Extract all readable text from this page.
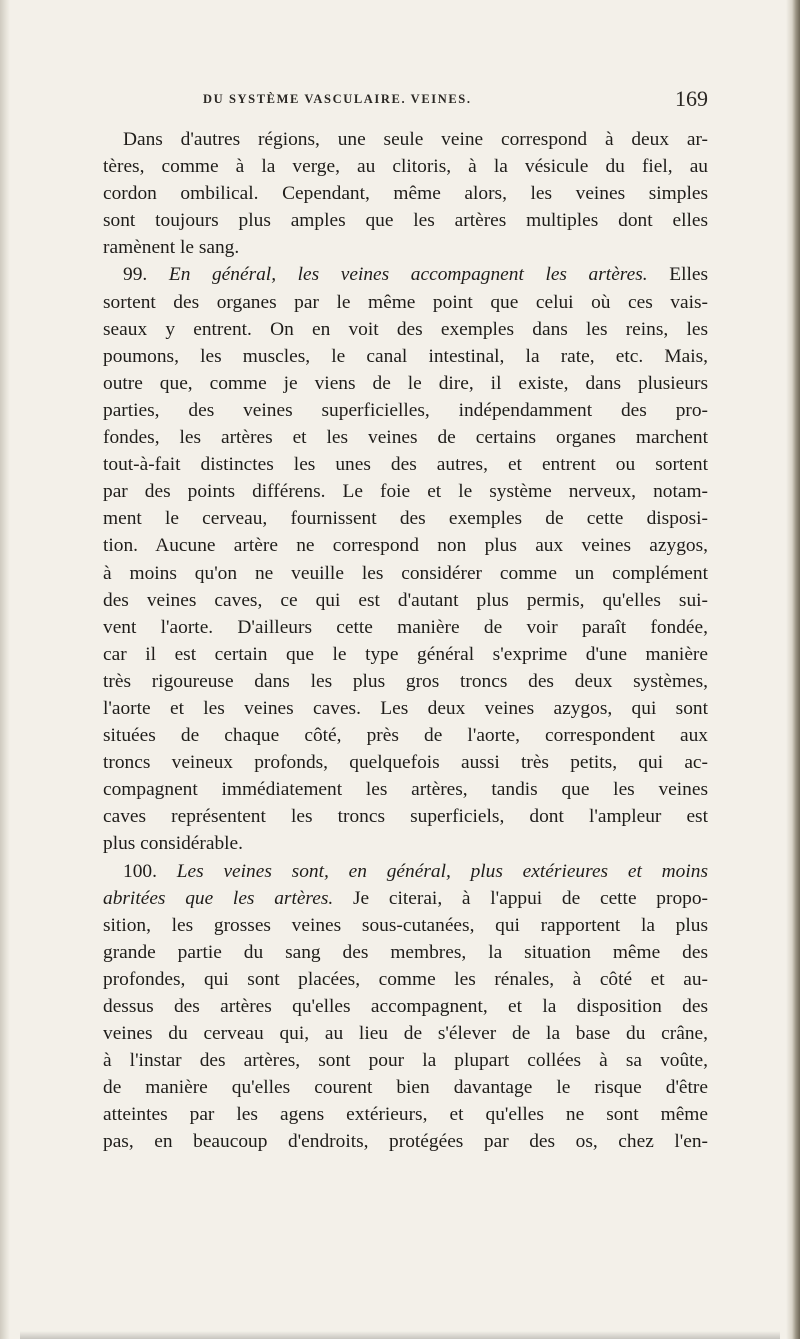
DU SYSTÈME VASCULAIRE. VEINES.	169

Dans d'autres régions, une seule veine correspond à deux ar-

tères, comme à la verge, au clitoris, à la vésicule du fiel, au

cordon ombilical. Cependant, même alors, les veines simples

sont toujours plus amples que les artères multiples dont elles

ramènent le sang.

99. En général, les veines accompagnent les artères. Elles

sortent des organes par le même point que celui où ces vais-

seaux y entrent. On en voit des exemples dans les reins, les

poumons, les muscles, le canal intestinal, la rate, etc. Mais,

outre que, comme je viens de le dire, il existe, dans plusieurs

parties, des veines superficielles, indépendamment des pro-

fondes, les artères et les veines de certains organes marchent

tout-à-fait distinctes les unes des autres, et entrent ou sortent

par des points différens. Le foie et le système nerveux, notam-

ment le cerveau, fournissent des exemples de cette disposi-

tion. Aucune artère ne correspond non plus aux veines azygos,

à moins qu'on ne veuille les considérer comme un complément

des veines caves, ce qui est d'autant plus permis, qu'elles sui-

vent l'aorte. D'ailleurs cette manière de voir paraît fondée,

car il est certain que le type général s'exprime d'une manière

très rigoureuse dans les plus gros troncs des deux systèmes,

l'aorte et les veines caves. Les deux veines azygos, qui sont

situées de chaque côté, près de l'aorte, correspondent aux

troncs veineux profonds, quelquefois aussi très petits, qui ac-

compagnent immédiatement les artères, tandis que les veines

caves représentent les troncs superficiels, dont l'ampleur est

plus considérable.

100. Les veines sont, en général, plus extérieures et moins

abritées que les artères. Je citerai, à l'appui de cette propo-

sition, les grosses veines sous-cutanées, qui rapportent la plus

grande partie du sang des membres, la situation même des

profondes, qui sont placées, comme les rénales, à côté et au-

dessus des artères qu'elles accompagnent, et la disposition des

veines du cerveau qui, au lieu de s'élever de la base du crâne,

à l'instar des artères, sont pour la plupart collées à sa voûte,

de manière qu'elles courent bien davantage le risque d'être

atteintes par les agens extérieurs, et qu'elles ne sont même

pas, en beaucoup d'endroits, protégées par des os, chez l'en-
